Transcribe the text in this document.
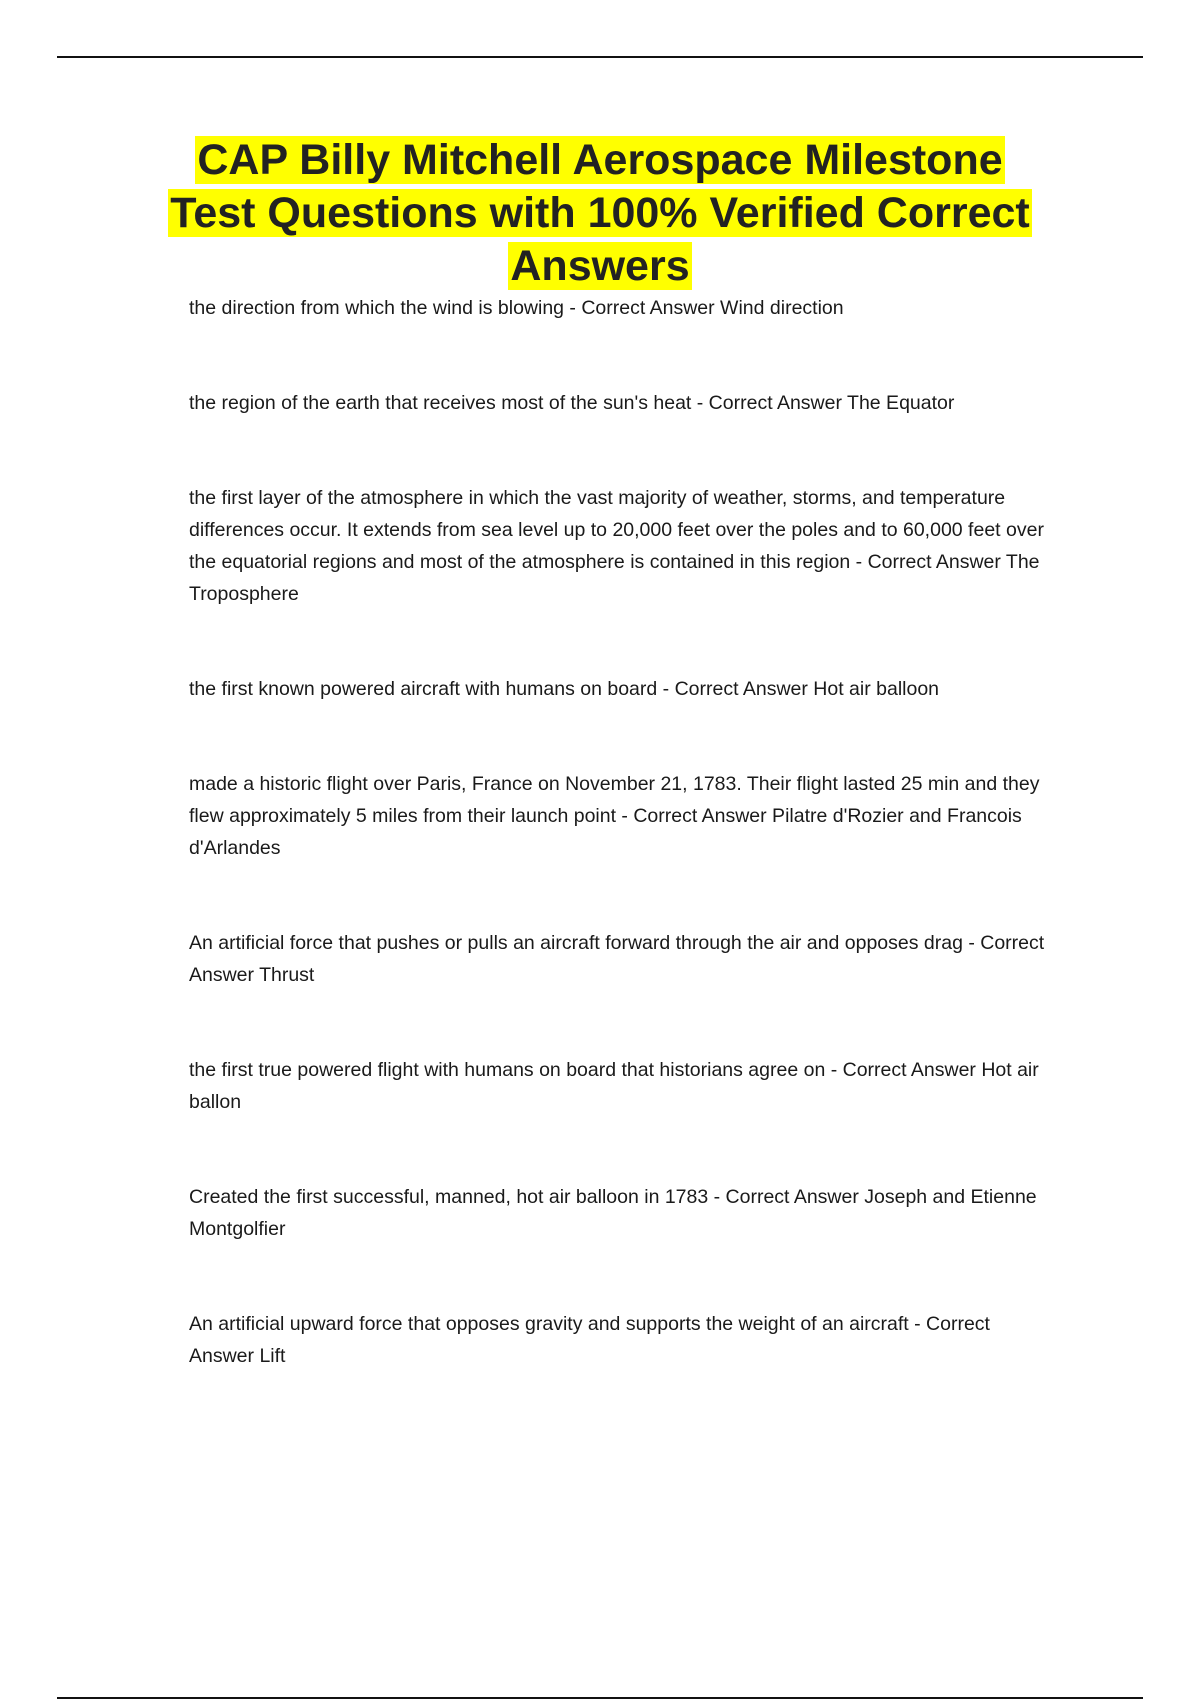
CAP Billy Mitchell Aerospace Milestone Test Questions with 100% Verified Correct Answers
the direction from which the wind is blowing - Correct Answer Wind direction
the region of the earth that receives most of the sun's heat - Correct Answer The Equator
the first layer of the atmosphere in which the vast majority of weather, storms, and temperature differences occur. It extends from sea level up to 20,000 feet over the poles and to 60,000 feet over the equatorial regions and most of the atmosphere is contained in this region - Correct Answer The Troposphere
the first known powered aircraft with humans on board - Correct Answer Hot air balloon
made a historic flight over Paris, France on November 21, 1783. Their flight lasted 25 min and they flew approximately 5 miles from their launch point - Correct Answer Pilatre d'Rozier and Francois d'Arlandes
An artificial force that pushes or pulls an aircraft forward through the air and opposes drag - Correct Answer Thrust
the first true powered flight with humans on board that historians agree on - Correct Answer Hot air ballon
Created the first successful, manned, hot air balloon in 1783 - Correct Answer Joseph and Etienne Montgolfier
An artificial upward force that opposes gravity and supports the weight of an aircraft - Correct Answer Lift
